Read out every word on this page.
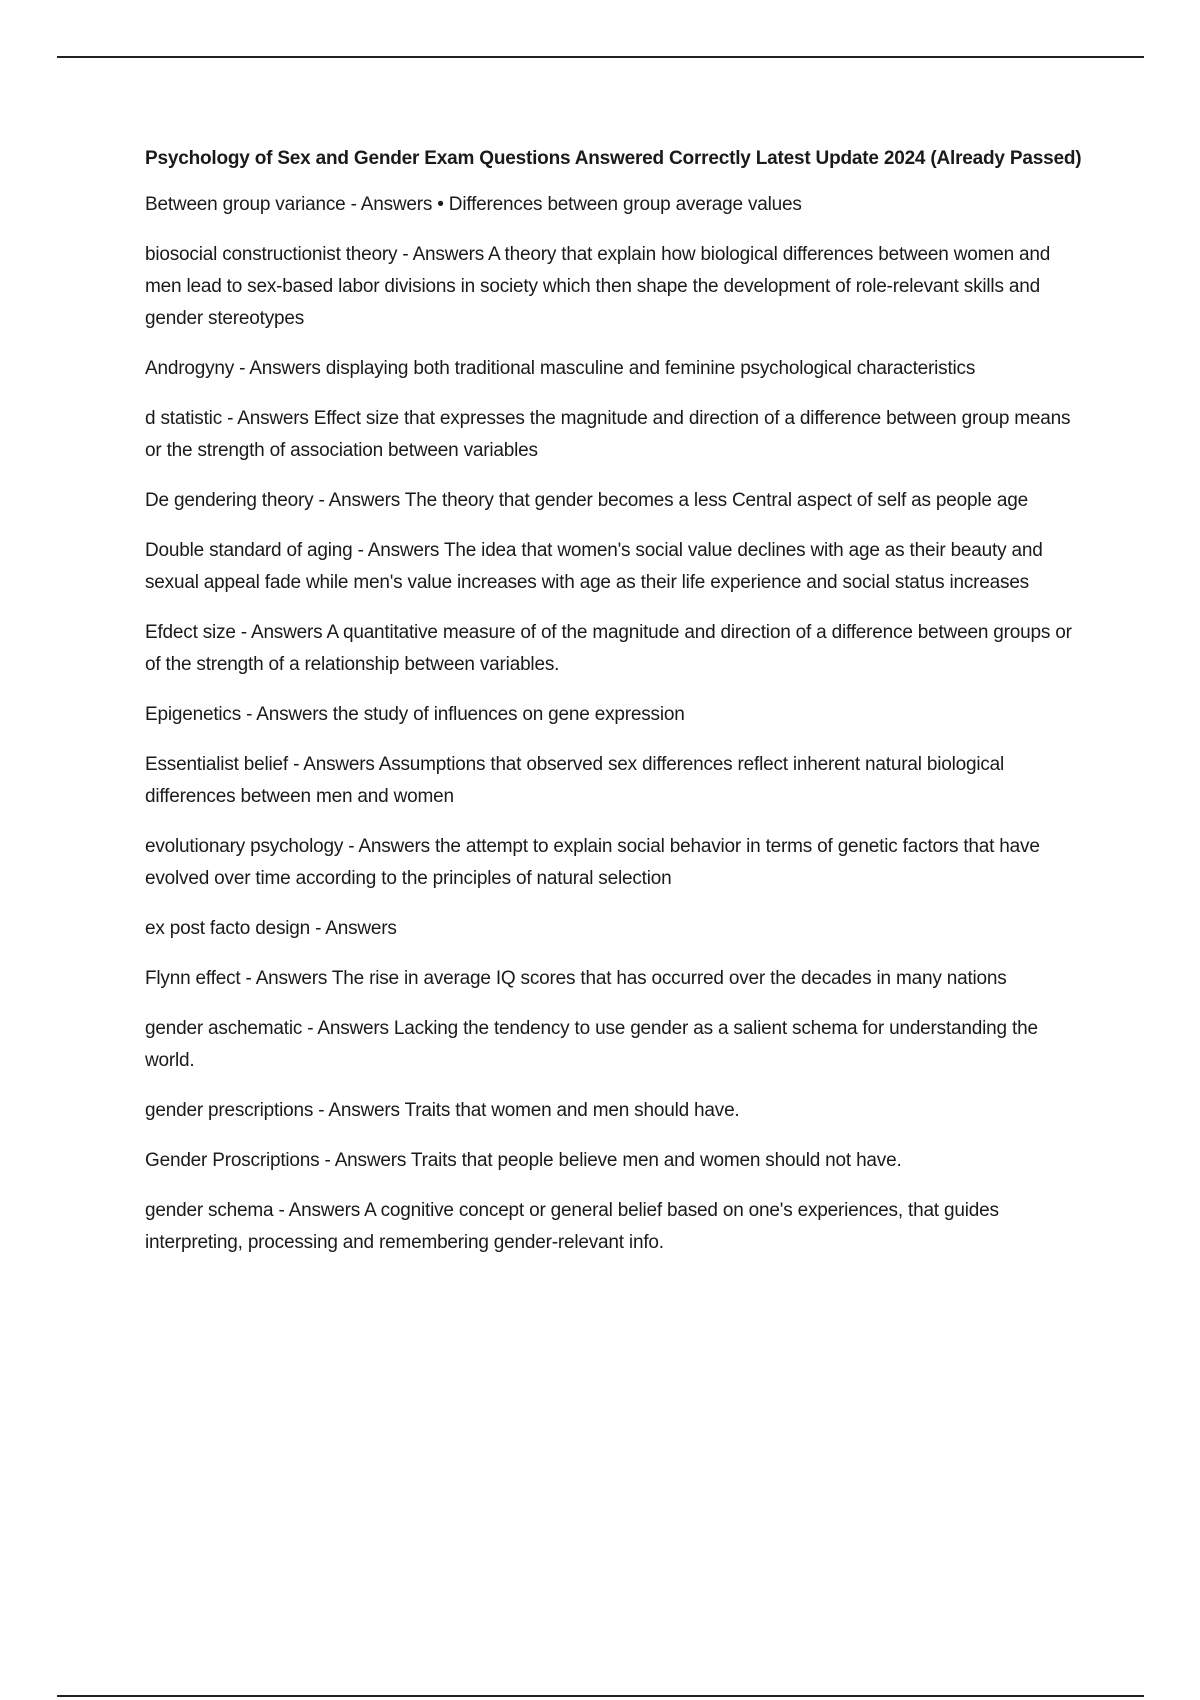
Psychology of Sex and Gender Exam Questions Answered Correctly Latest Update 2024 (Already Passed)
Between group variance - Answers • Differences between group average values
biosocial constructionist theory - Answers A theory that explain how biological differences between women and men lead to sex-based labor divisions in society which then shape the development of role-relevant skills and gender stereotypes
Androgyny - Answers displaying both traditional masculine and feminine psychological characteristics
d statistic - Answers Effect size that expresses the magnitude and direction of a difference between group means or the strength of association between variables
De gendering theory - Answers The theory that gender becomes a less Central aspect of self as people age
Double standard of aging - Answers The idea that women's social value declines with age as their beauty and sexual appeal fade while men's value increases with age as their life experience and social status increases
Efdect size - Answers A quantitative measure of of the magnitude and direction of a difference between groups or of the strength of a relationship between variables.
Epigenetics - Answers the study of influences on gene expression
Essentialist belief - Answers Assumptions that observed sex differences reflect inherent natural biological differences between men and women
evolutionary psychology - Answers the attempt to explain social behavior in terms of genetic factors that have evolved over time according to the principles of natural selection
ex post facto design - Answers
Flynn effect - Answers The rise in average IQ scores that has occurred over the decades in many nations
gender aschematic - Answers Lacking the tendency to use gender as a salient schema for understanding the world.
gender prescriptions - Answers Traits that women and men should have.
Gender Proscriptions - Answers Traits that people believe men and women should not have.
gender schema - Answers A cognitive concept or general belief based on one's experiences, that guides interpreting, processing and remembering gender-relevant info.
